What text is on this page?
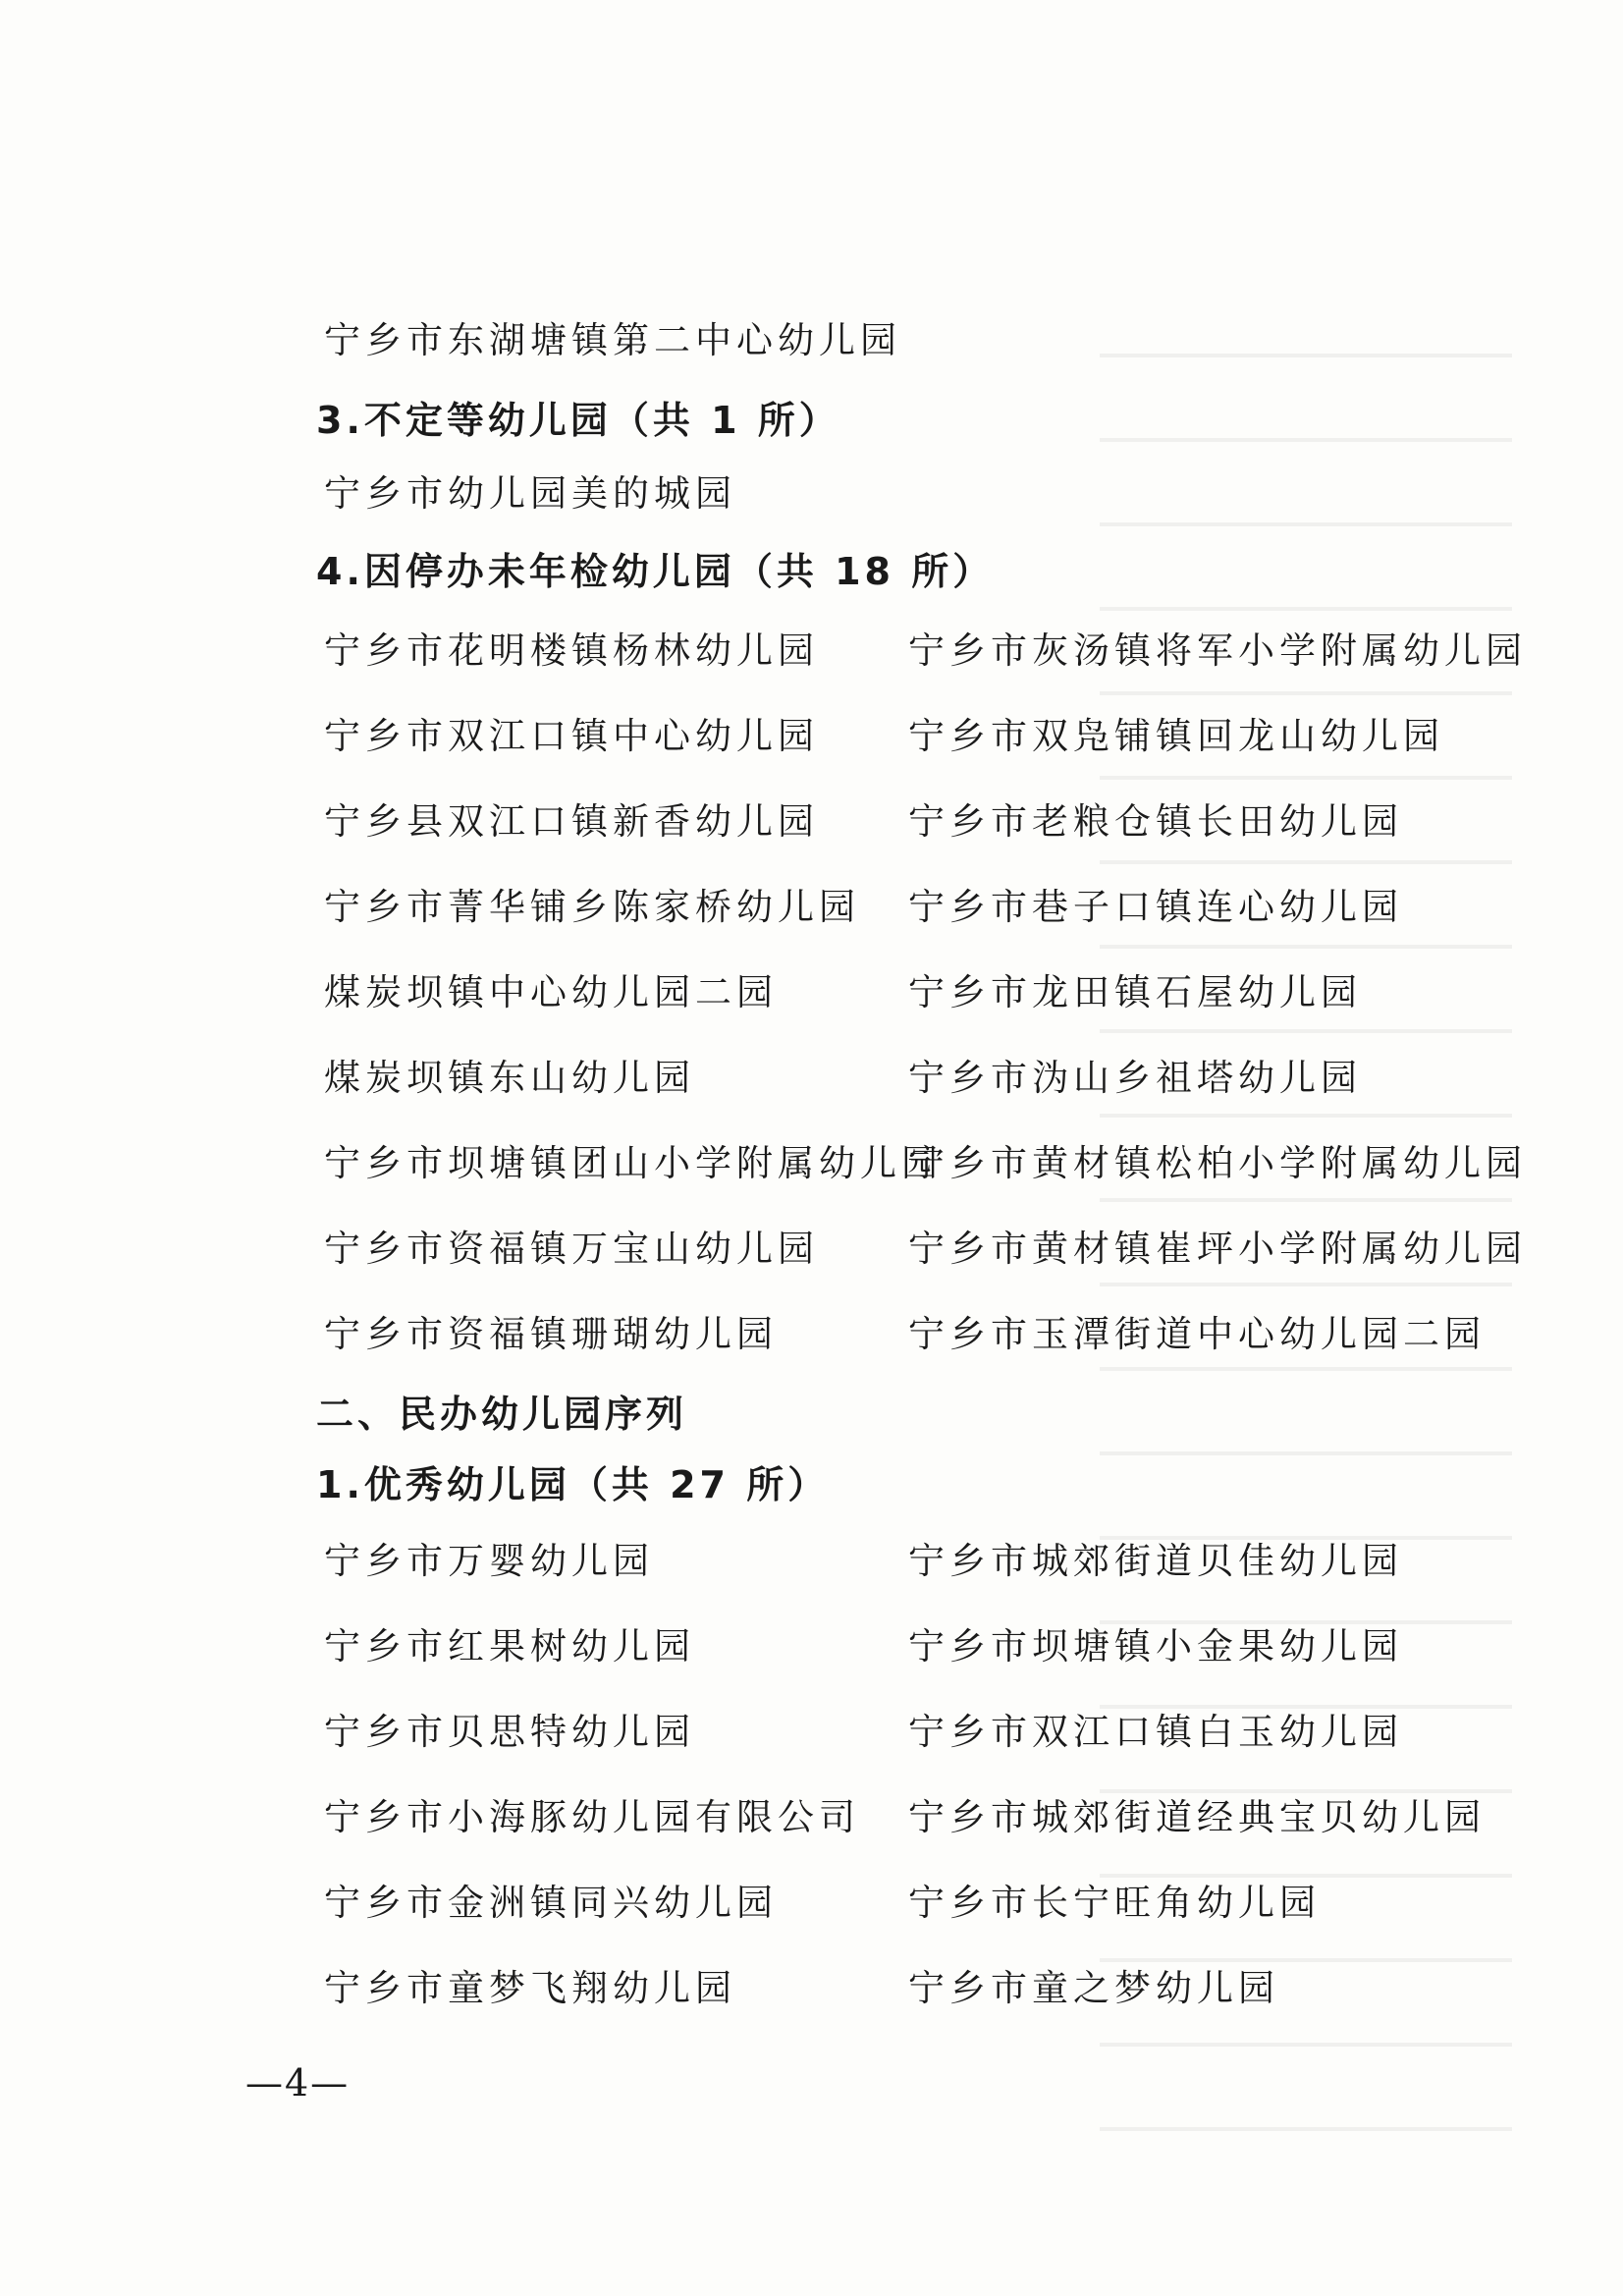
宁乡市东湖塘镇第二中心幼儿园
3.不定等幼儿园（共 1 所）
宁乡市幼儿园美的城园
4.因停办未年检幼儿园（共 18 所）
宁乡市花明楼镇杨林幼儿园
宁乡市双江口镇中心幼儿园
宁乡县双江口镇新香幼儿园
宁乡市菁华铺乡陈家桥幼儿园
煤炭坝镇中心幼儿园二园
煤炭坝镇东山幼儿园
宁乡市坝塘镇团山小学附属幼儿园
宁乡市资福镇万宝山幼儿园
宁乡市资福镇珊瑚幼儿园
宁乡市灰汤镇将军小学附属幼儿园
宁乡市双凫铺镇回龙山幼儿园
宁乡市老粮仓镇长田幼儿园
宁乡市巷子口镇连心幼儿园
宁乡市龙田镇石屋幼儿园
宁乡市沩山乡祖塔幼儿园
宁乡市黄材镇松柏小学附属幼儿园
宁乡市黄材镇崔坪小学附属幼儿园
宁乡市玉潭街道中心幼儿园二园
二、民办幼儿园序列
1.优秀幼儿园（共 27 所）
宁乡市万婴幼儿园
宁乡市红果树幼儿园
宁乡市贝思特幼儿园
宁乡市小海豚幼儿园有限公司
宁乡市金洲镇同兴幼儿园
宁乡市童梦飞翔幼儿园
宁乡市城郊街道贝佳幼儿园
宁乡市坝塘镇小金果幼儿园
宁乡市双江口镇白玉幼儿园
宁乡市城郊街道经典宝贝幼儿园
宁乡市长宁旺角幼儿园
宁乡市童之梦幼儿园
—4—
